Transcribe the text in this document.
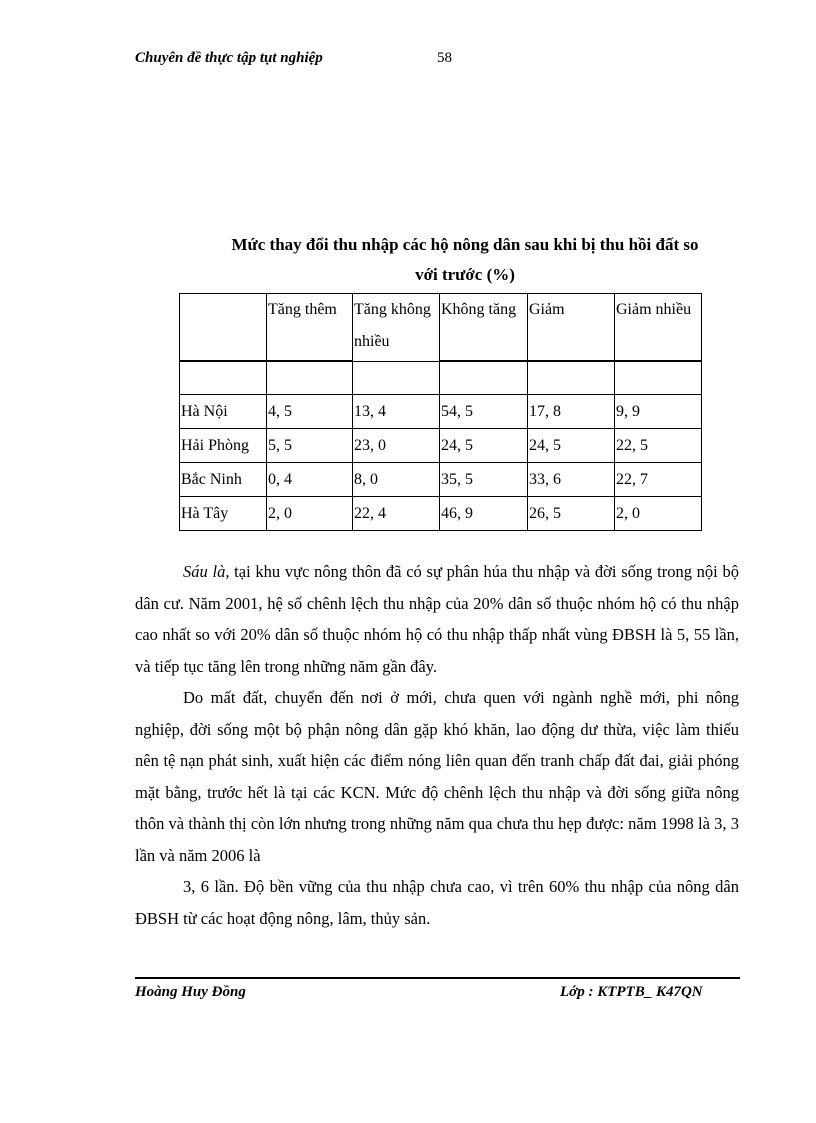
Chuyên đề thực tập tụt nghiệp	58
Mức thay đổi thu nhập các hộ nông dân sau khi bị thu hồi đất so
với trước (%)
	Tăng thêm	Tăng không nhiều	Không tăng	Giảm	Giảm nhiều

Hà Nội	4, 5	13, 4	54, 5	17, 8	9, 9
Hải Phòng	5, 5	23, 0	24, 5	24, 5	22, 5
Bắc Ninh	0, 4	8, 0	35, 5	33, 6	22, 7
Hà Tây	2, 0	22, 4	46, 9	26, 5	2, 0

Sáu là, tại khu vực nông thôn đã có sự phân húa thu nhập và đời sống trong nội bộ dân cư. Năm 2001, hệ số chênh lệch thu nhập của 20% dân số thuộc nhóm hộ có thu nhập cao nhất so với 20% dân số thuộc nhóm hộ có thu nhập thấp nhất vùng ĐBSH là 5, 55 lần, và tiếp tục tăng lên trong những năm gần đây.

Do mất đất, chuyển đến nơi ở mới, chưa quen với ngành nghề mới, phi nông nghiệp, đời sống một bộ phận nông dân gặp khó khăn, lao động dư thừa, việc làm thiếu nên tệ nạn phát sinh, xuất hiện các điểm nóng liên quan đến tranh chấp đất đai, giải phóng mặt bằng, trước hết là tại các KCN. Mức độ chênh lệch thu nhập và đời sống giữa nông thôn và thành thị còn lớn nhưng trong những năm qua chưa thu hẹp được: năm 1998 là 3, 3 lần và năm 2006 là

3, 6 lần. Độ bền vững của thu nhập chưa cao, vì trên 60% thu nhập của nông dân ĐBSH từ các hoạt động nông, lâm, thủy sản.

Hoàng Huy Đồng	Lớp : KTPTB_ K47QN
